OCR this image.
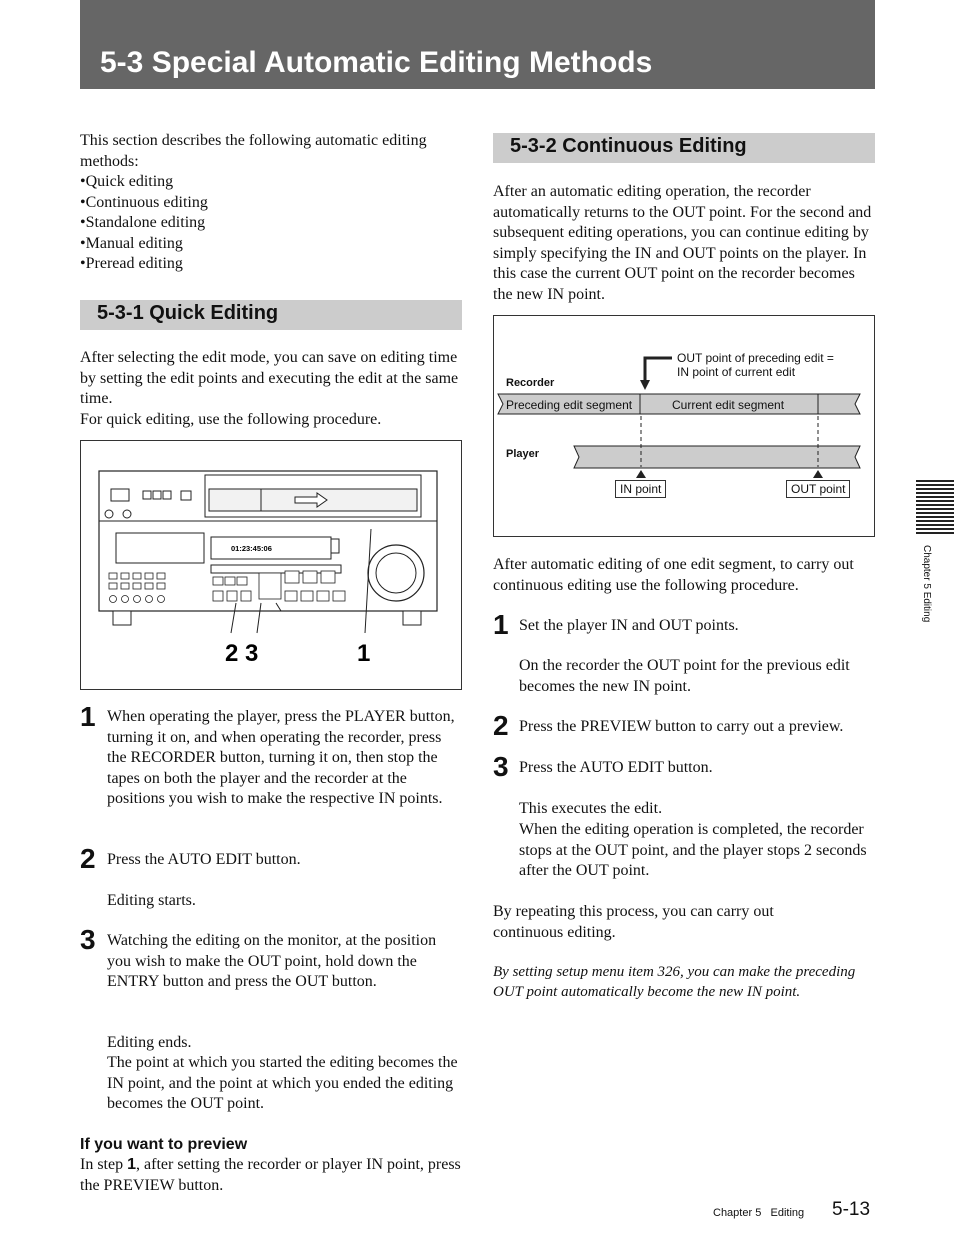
5-3 Special Automatic Editing Methods
This section describes the following automatic editing methods:
•Quick editing
•Continuous editing
•Standalone editing
•Manual editing
•Preread editing
5-3-1 Quick Editing
After selecting the edit mode, you can save on editing time by setting the edit points and executing the edit at the same time.
For quick editing, use the following procedure.
01:23:45:06
2 3	1
1 When operating the player, press the PLAYER button, turning it on, and when operating the recorder, press the RECORDER button, turning it on, then stop the tapes on both the player and the recorder at the positions you wish to make the respective IN points.
2 Press the AUTO EDIT button.
Editing starts.
3 Watching the editing on the monitor, at the position you wish to make the OUT point, hold down the ENTRY button and press the OUT button.
Editing ends.
The point at which you started the editing becomes the IN point, and the point at which you ended the editing becomes the OUT point.
If you want to preview
In step 1, after setting the recorder or player IN point, press the PREVIEW button.
5-3-2 Continuous Editing
After an automatic editing operation, the recorder automatically returns to the OUT point. For the second and subsequent editing operations, you can continue editing by simply specifying the IN and OUT points on the player. In this case the current OUT point on the recorder becomes the new IN point.
OUT point of preceding edit =
IN point of current edit
Recorder
Preceding edit segment	Current edit segment
Player
IN point	OUT point
After automatic editing of one edit segment, to carry out continuous editing use the following procedure.
1 Set the player IN and OUT points.
On the recorder the OUT point for the previous edit becomes the new IN point.
2 Press the PREVIEW button to carry out a preview.
3 Press the AUTO EDIT button.
This executes the edit.
When the editing operation is completed, the recorder stops at the OUT point, and the player stops 2 seconds after the OUT point.
By repeating this process, you can carry out continuous editing.
By setting setup menu item 326, you can make the preceding OUT point automatically become the new IN point.
Chapter 5 Editing
Chapter 5 Editing 5-13
